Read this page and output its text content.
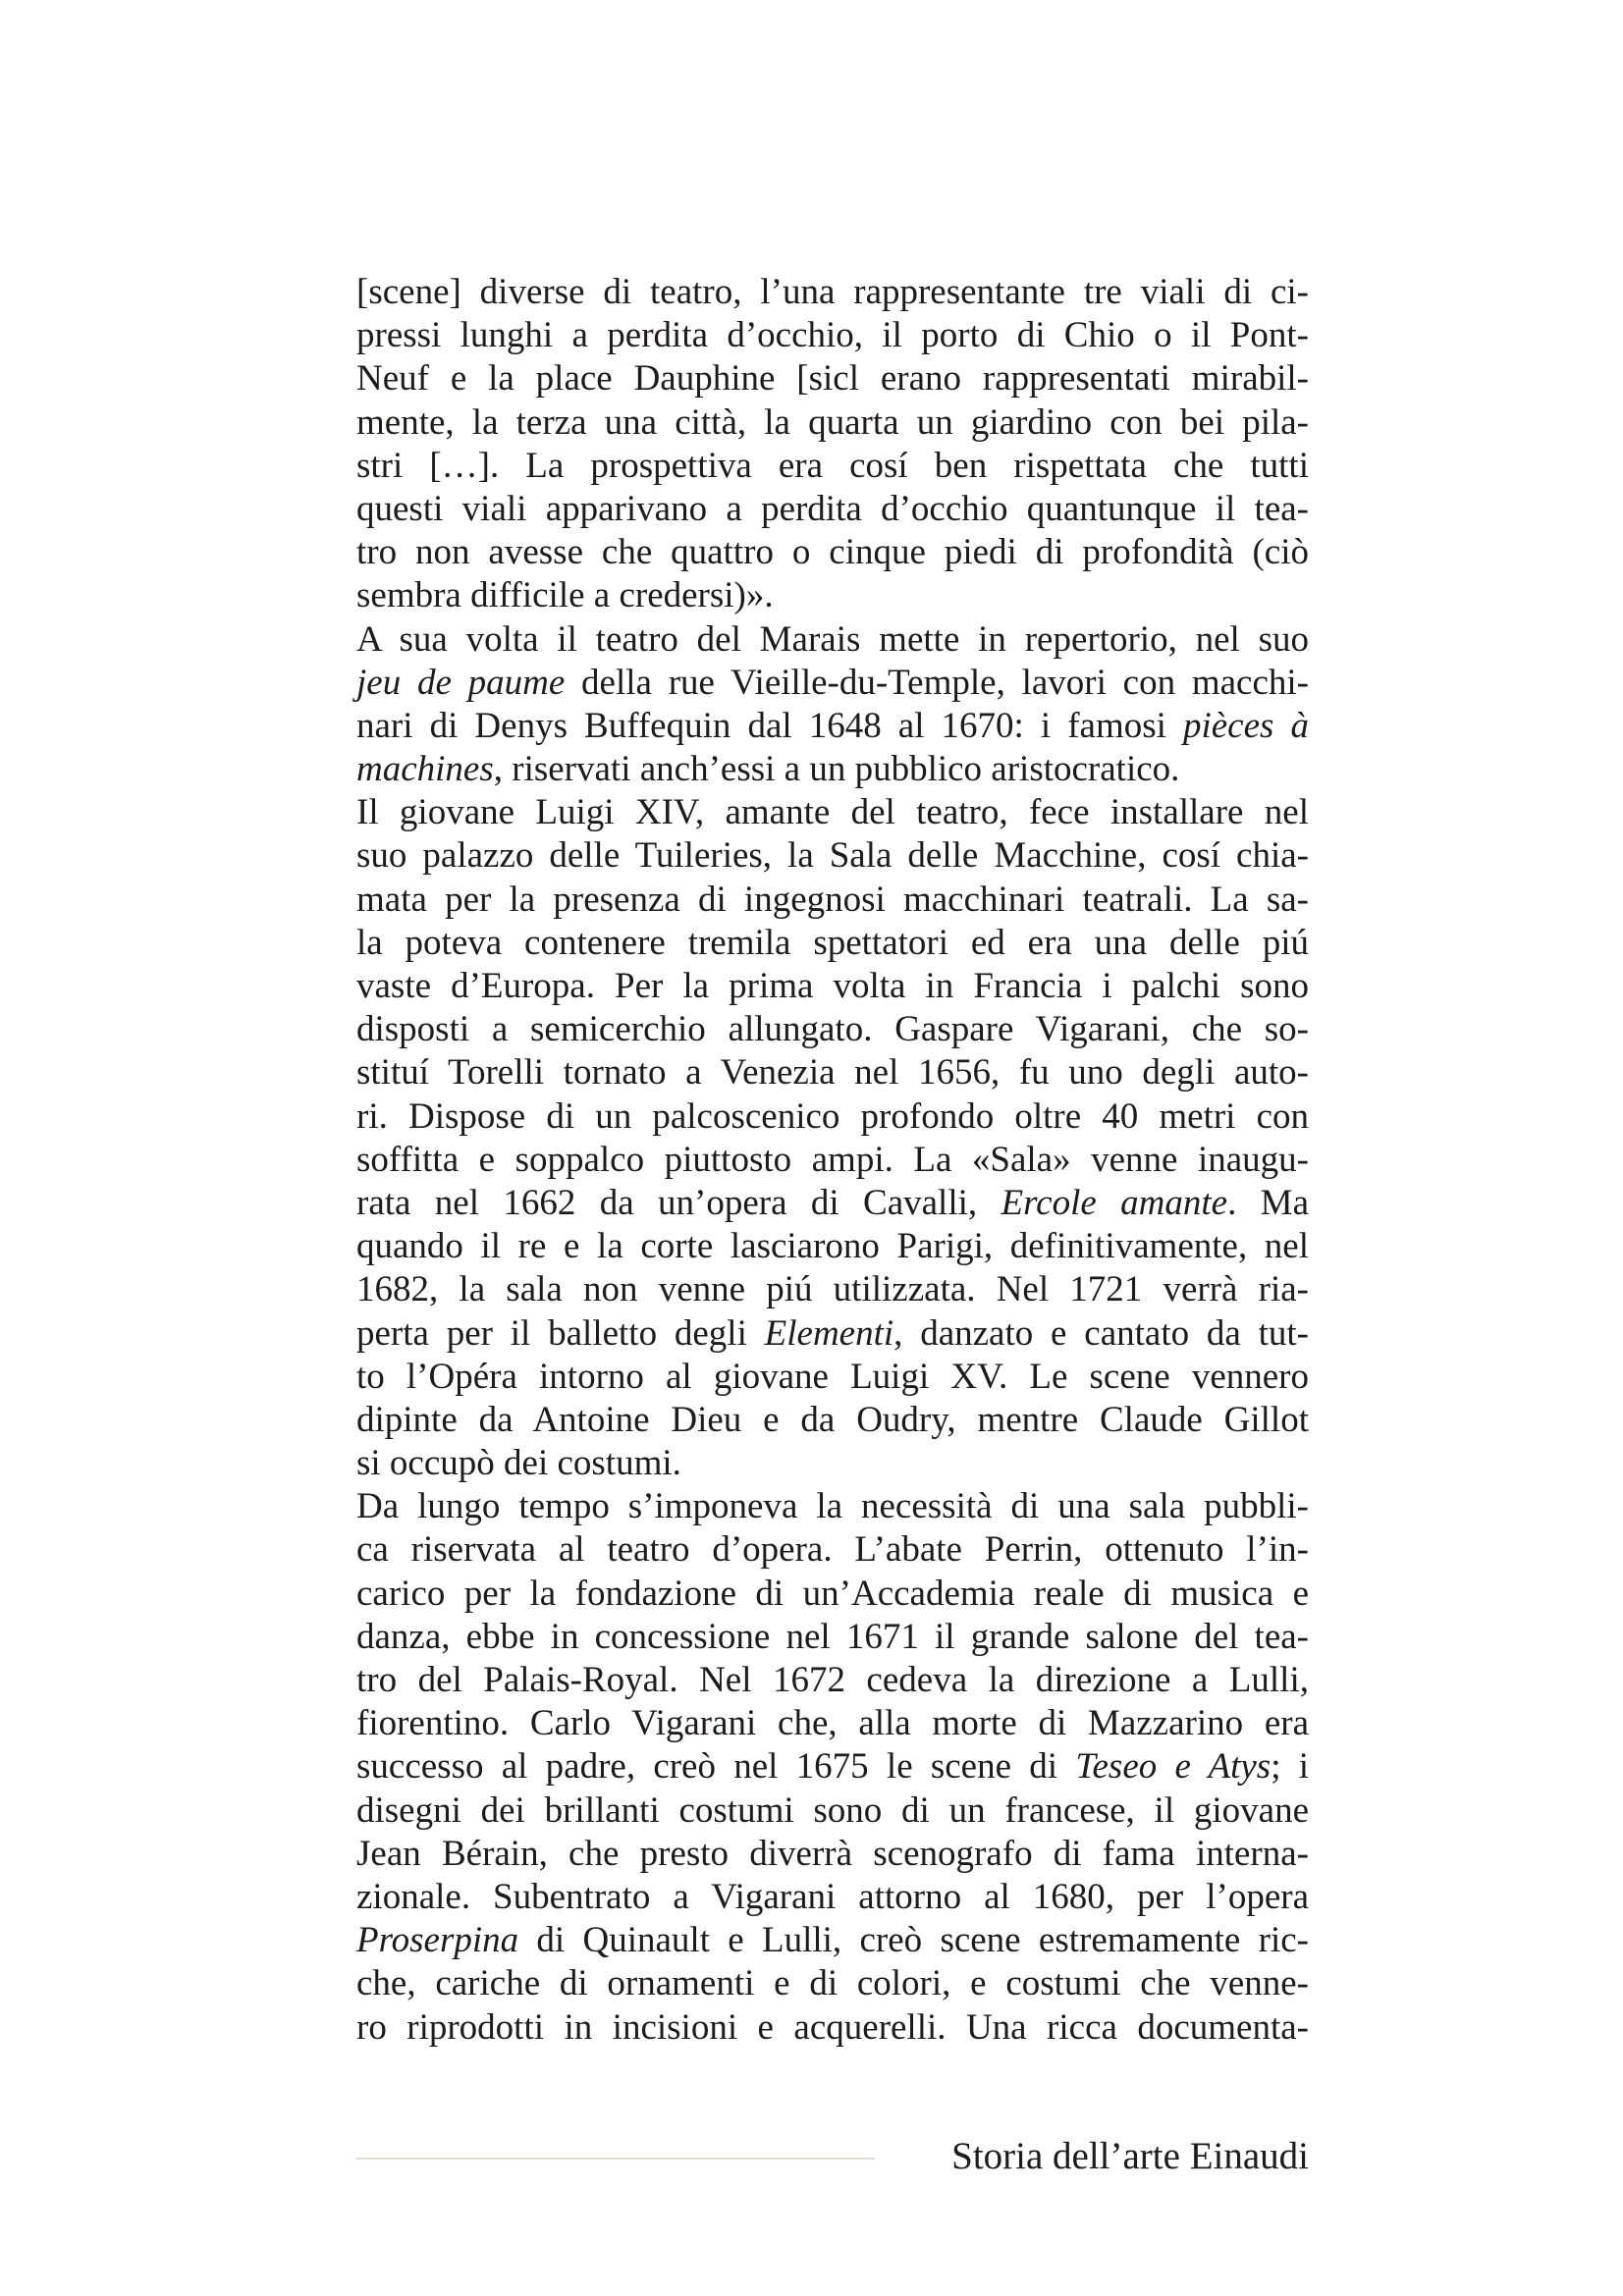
[scene] diverse di teatro, l’una rappresentante tre viali di ci-
pressi lunghi a perdita d’occhio, il porto di Chio o il Pont-
Neuf e la place Dauphine [sicl erano rappresentati mirabil-
mente, la terza una città, la quarta un giardino con bei pila-
stri […]. La prospettiva era cosí ben rispettata che tutti
questi viali apparivano a perdita d’occhio quantunque il tea-
tro non avesse che quattro o cinque piedi di profondità (ciò
sembra difficile a credersi)».
A sua volta il teatro del Marais mette in repertorio, nel suo
jeu de paume della rue Vieille-du-Temple, lavori con macchi-
nari di Denys Buffequin dal 1648 al 1670: i famosi pièces à
machines, riservati anch’essi a un pubblico aristocratico.
Il giovane Luigi XIV, amante del teatro, fece installare nel
suo palazzo delle Tuileries, la Sala delle Macchine, cosí chia-
mata per la presenza di ingegnosi macchinari teatrali. La sa-
la poteva contenere tremila spettatori ed era una delle piú
vaste d’Europa. Per la prima volta in Francia i palchi sono
disposti a semicerchio allungato. Gaspare Vigarani, che so-
stituí Torelli tornato a Venezia nel 1656, fu uno degli auto-
ri. Dispose di un palcoscenico profondo oltre 40 metri con
soffitta e soppalco piuttosto ampi. La «Sala» venne inaugu-
rata nel 1662 da un’opera di Cavalli, Ercole amante. Ma
quando il re e la corte lasciarono Parigi, definitivamente, nel
1682, la sala non venne piú utilizzata. Nel 1721 verrà ria-
perta per il balletto degli Elementi, danzato e cantato da tut-
to l’Opéra intorno al giovane Luigi XV. Le scene vennero
dipinte da Antoine Dieu e da Oudry, mentre Claude Gillot
si occupò dei costumi.
Da lungo tempo s’imponeva la necessità di una sala pubbli-
ca riservata al teatro d’opera. L’abate Perrin, ottenuto l’in-
carico per la fondazione di un’Accademia reale di musica e
danza, ebbe in concessione nel 1671 il grande salone del tea-
tro del Palais-Royal. Nel 1672 cedeva la direzione a Lulli,
fiorentino. Carlo Vigarani che, alla morte di Mazzarino era
successo al padre, creò nel 1675 le scene di Teseo e Atys; i
disegni dei brillanti costumi sono di un francese, il giovane
Jean Bérain, che presto diverrà scenografo di fama interna-
zionale. Subentrato a Vigarani attorno al 1680, per l’opera
Proserpina di Quinault e Lulli, creò scene estremamente ric-
che, cariche di ornamenti e di colori, e costumi che venne-
ro riprodotti in incisioni e acquerelli. Una ricca documenta-
Storia dell’arte Einaudi
